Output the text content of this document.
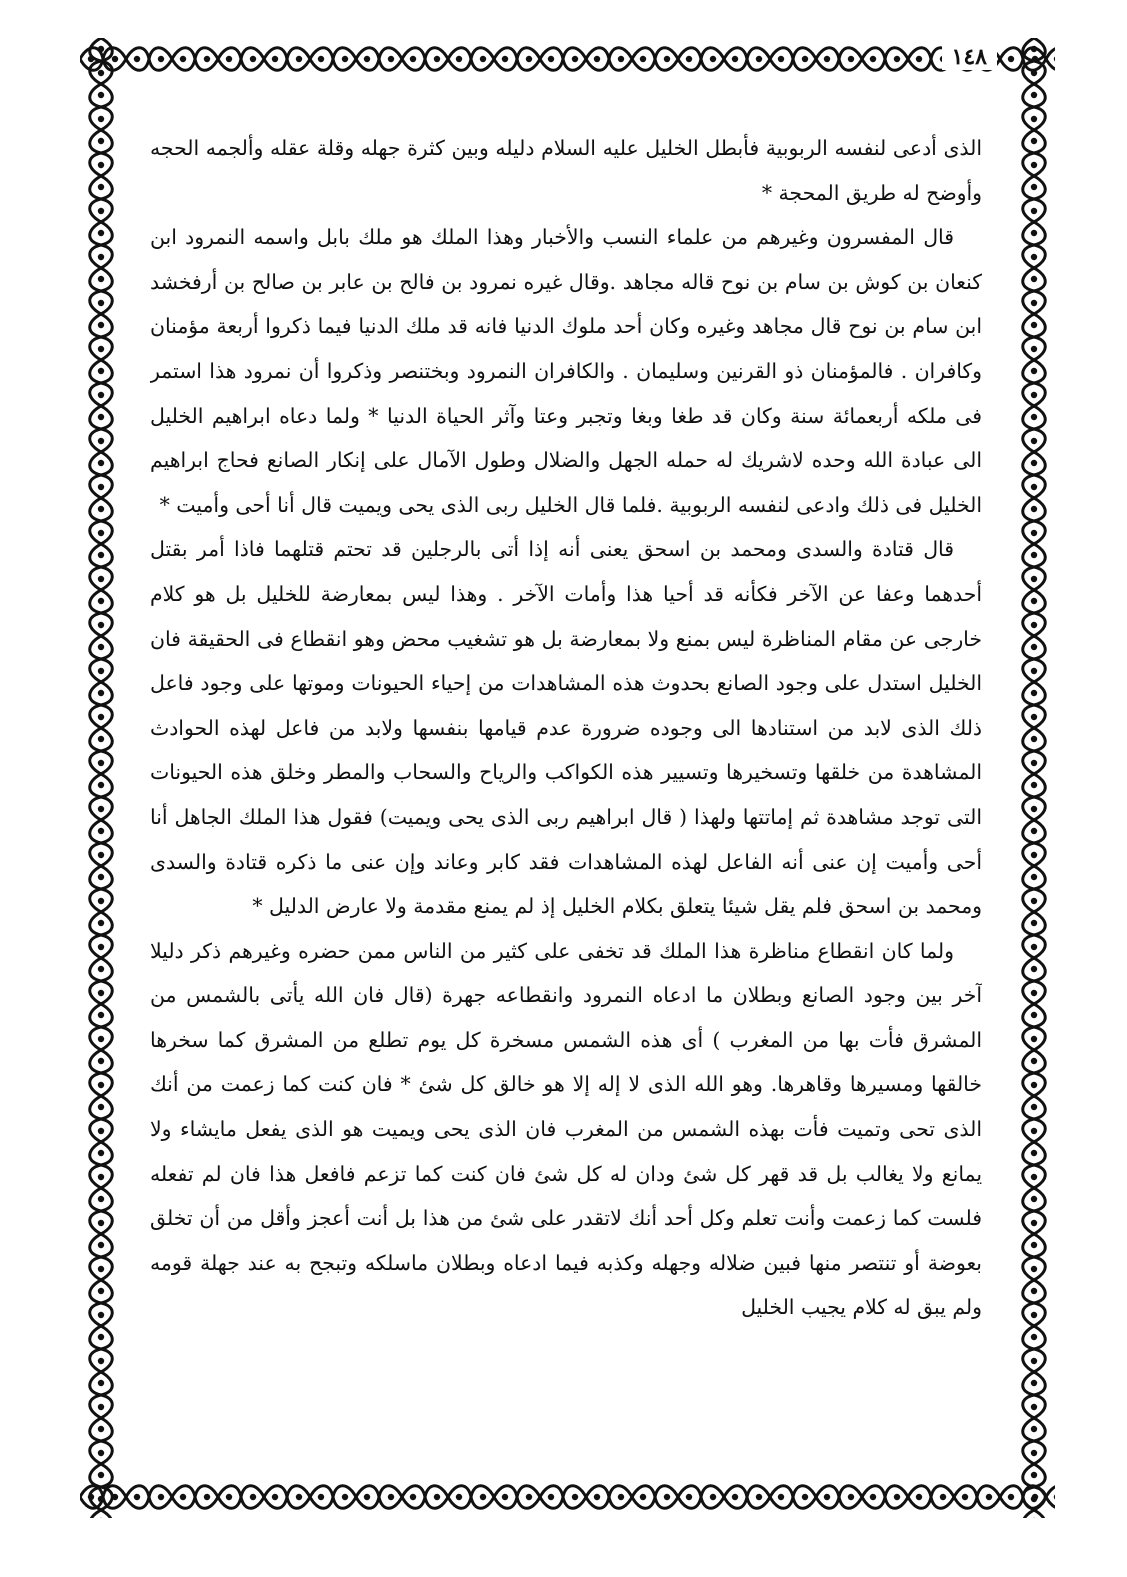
١٤٨

الذى أدعى لنفسه الربوبية فأبطل الخليل عليه السلام دليله وبين كثرة جهله وقلة عقله وألجمه الحجه وأوضح له طريق المحجة *

قال المفسرون وغيرهم من علماء النسب والأخبار وهذا الملك هو ملك بابل واسمه النمرود ابن كنعان بن كوش بن سام بن نوح قاله مجاهد .وقال غيره نمرود بن فالح بن عابر بن صالح بن أرفخشد ابن سام بن نوح قال مجاهد وغيره وكان أحد ملوك الدنيا فانه قد ملك الدنيا فيما ذكروا أربعة مؤمنان وكافران . فالمؤمنان ذو القرنين وسليمان . والكافران النمرود وبختنصر وذكروا أن نمرود هذا استمر فى ملكه أربعمائة سنة وكان قد طغا وبغا وتجبر وعتا وآثر الحياة الدنيا * ولما دعاه ابراهيم الخليل الى عبادة الله وحده لاشريك له حمله الجهل والضلال وطول الآمال على إنكار الصانع فحاج ابراهيم الخليل فى ذلك وادعى لنفسه الربوبية .فلما قال الخليل ربى الذى يحى ويميت قال أنا أحى وأميت *

قال قتادة والسدى ومحمد بن اسحق يعنى أنه إذا أتى بالرجلين قد تحتم قتلهما فاذا أمر بقتل أحدهما وعفا عن الآخر فكأنه قد أحيا هذا وأمات الآخر . وهذا ليس بمعارضة للخليل بل هو كلام خارجى عن مقام المناظرة ليس بمنع ولا بمعارضة بل هو تشغيب محض وهو انقطاع فى الحقيقة فان الخليل استدل على وجود الصانع بحدوث هذه المشاهدات من إحياء الحيونات وموتها على وجود فاعل ذلك الذى لابد من استنادها الى وجوده ضرورة عدم قيامها بنفسها ولابد من فاعل لهذه الحوادث المشاهدة من خلقها وتسخيرها وتسيير هذه الكواكب والرياح والسحاب والمطر وخلق هذه الحيونات التى توجد مشاهدة ثم إماتتها ولهذا ( قال ابراهيم ربى الذى يحى ويميت) فقول هذا الملك الجاهل أنا أحى وأميت إن عنى أنه الفاعل لهذه المشاهدات فقد كابر وعاند وإن عنى ما ذكره قتادة والسدى ومحمد بن اسحق فلم يقل شيئا يتعلق بكلام الخليل إذ لم يمنع مقدمة ولا عارض الدليل *

ولما كان انقطاع مناظرة هذا الملك قد تخفى على كثير من الناس ممن حضره وغيرهم ذكر دليلا آخر بين وجود الصانع وبطلان ما ادعاه النمرود وانقطاعه جهرة (قال فان الله يأتى بالشمس من المشرق فأت بها من المغرب ) أى هذه الشمس مسخرة كل يوم تطلع من المشرق كما سخرها خالقها ومسيرها وقاهرها. وهو الله الذى لا إله إلا هو خالق كل شئ * فان كنت كما زعمت من أنك الذى تحى وتميت فأت بهذه الشمس من المغرب فان الذى يحى ويميت هو الذى يفعل مايشاء ولا يمانع ولا يغالب بل قد قهر كل شئ ودان له كل شئ فان كنت كما تزعم فافعل هذا فان لم تفعله فلست كما زعمت وأنت تعلم وكل أحد أنك لاتقدر على شئ من هذا بل أنت أعجز وأقل من أن تخلق بعوضة أو تنتصر منها فبين ضلاله وجهله وكذبه فيما ادعاه وبطلان ماسلكه وتبجح به عند جهلة قومه ولم يبق له كلام يجيب الخليل
